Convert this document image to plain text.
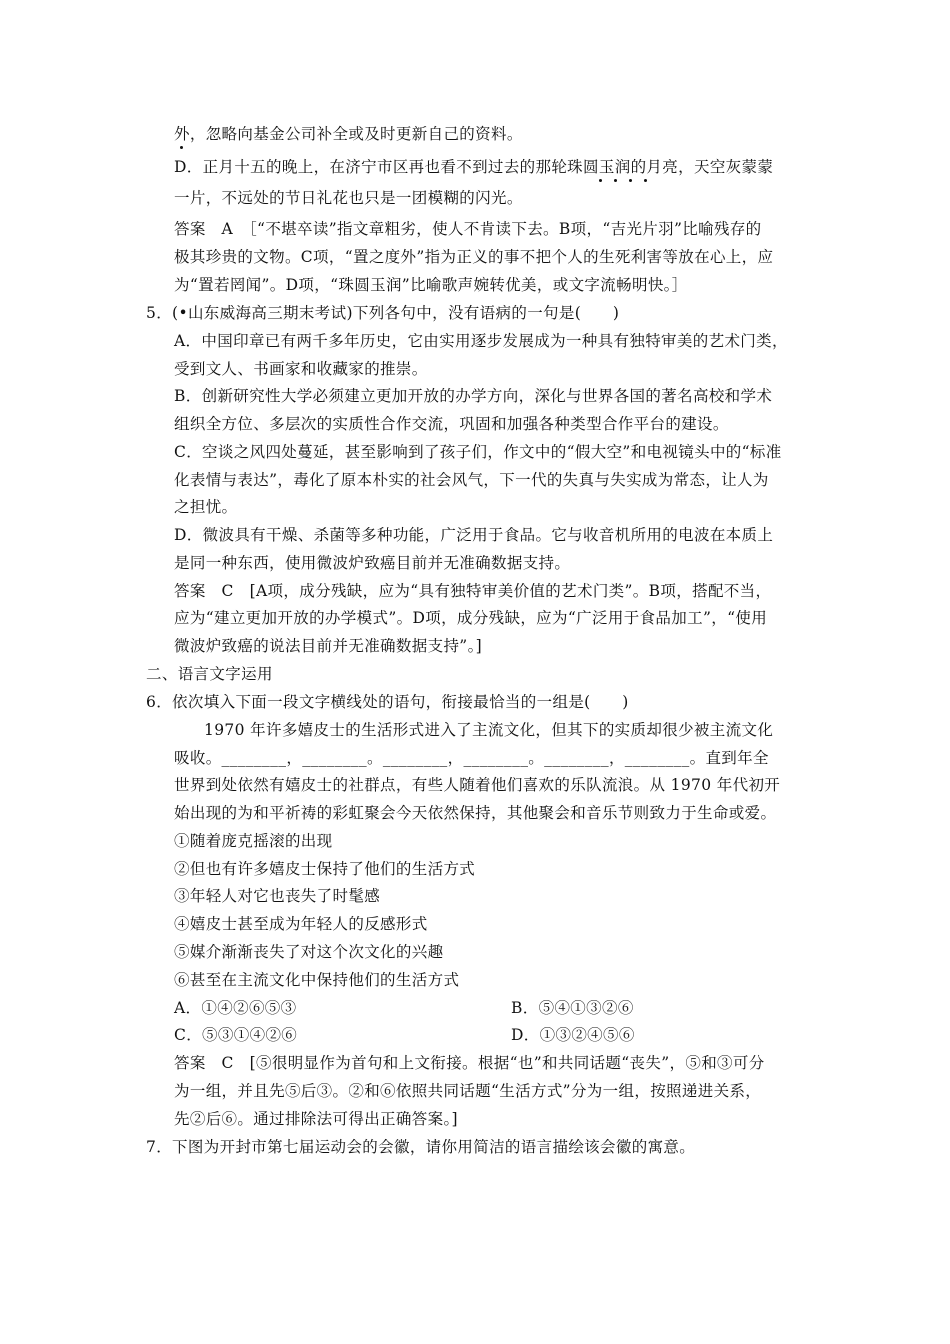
外，忽略向基金公司补全或及时更新自己的资料。
D．正月十五的晚上，在济宁市区再也看不到过去的那轮珠圆玉润的月亮，天空灰蒙蒙
一片，不远处的节日礼花也只是一团模糊的闪光。
答案　A　［“不堪卒读”指文章粗劣，使人不肯读下去。B项，“吉光片羽”比喻残存的
极其珍贵的文物。C项，“置之度外”指为正义的事不把个人的生死利害等放在心上，应
为“置若罔闻”。D项，“珠圆玉润”比喻歌声婉转优美，或文字流畅明快。］
5．(•山东威海高三期末考试)下列各句中，没有语病的一句是(　　)
A．中国印章已有两千多年历史，它由实用逐步发展成为一种具有独特审美的艺术门类，
受到文人、书画家和收藏家的推崇。
B．创新研究性大学必须建立更加开放的办学方向，深化与世界各国的著名高校和学术
组织全方位、多层次的实质性合作交流，巩固和加强各种类型合作平台的建设。
C．空谈之风四处蔓延，甚至影响到了孩子们，作文中的“假大空”和电视镜头中的“标准
化表情与表达”，毒化了原本朴实的社会风气，下一代的失真与失实成为常态，让人为
之担忧。
D．微波具有干燥、杀菌等多种功能，广泛用于食品。它与收音机所用的电波在本质上
是同一种东西，使用微波炉致癌目前并无准确数据支持。
答案　C　[A项，成分残缺，应为“具有独特审美价值的艺术门类”。B项，搭配不当，
应为“建立更加开放的办学模式”。D项，成分残缺，应为“广泛用于食品加工”，“使用
微波炉致癌的说法目前并无准确数据支持”。]
二、语言文字运用
6．依次填入下面一段文字横线处的语句，衔接最恰当的一组是(　　)
1970 年许多嬉皮士的生活形式进入了主流文化，但其下的实质却很少被主流文化
吸收。________，________。________，________。________，________。直到年全
世界到处依然有嬉皮士的社群点，有些人随着他们喜欢的乐队流浪。从 1970 年代初开
始出现的为和平祈祷的彩虹聚会今天依然保持，其他聚会和音乐节则致力于生命或爱。
①随着庞克摇滚的出现
②但也有许多嬉皮士保持了他们的生活方式
③年轻人对它也丧失了时髦感
④嬉皮士甚至成为年轻人的反感形式
⑤媒介渐渐丧失了对这个次文化的兴趣
⑥甚至在主流文化中保持他们的生活方式
A．①④②⑥⑤③	B．⑤④①③②⑥
C．⑤③①④②⑥	D．①③②④⑤⑥
答案　C　[⑤很明显作为首句和上文衔接。根据“也”和共同话题“丧失”，⑤和③可分
为一组，并且先⑤后③。②和⑥依照共同话题“生活方式”分为一组，按照递进关系，
先②后⑥。通过排除法可得出正确答案。]
7．下图为开封市第七届运动会的会徽，请你用简洁的语言描绘该会徽的寓意。
